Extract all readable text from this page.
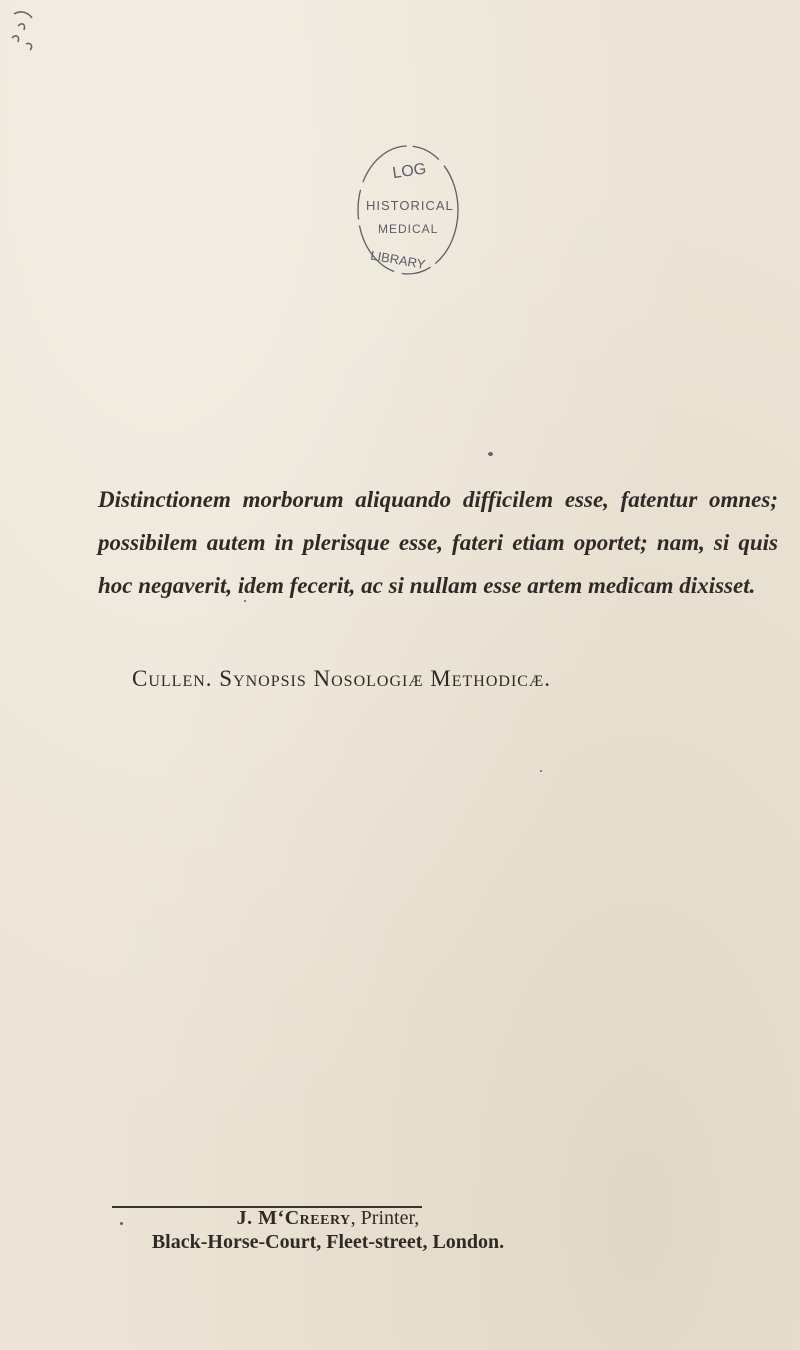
LOG
HISTORICAL
MEDICAL
LIBRARY
Distinctionem morborum aliquando difficilem esse, fatentur omnes; possibilem autem in plerisque esse, fateri etiam oportet; nam, si quis hoc negaverit, idem fecerit, ac si nullam esse artem medicam dixisset.
Cullen. Synopsis Nosologiæ Methodicæ.
J. M‘Creery, Printer,
Black-Horse-Court, Fleet-street, London.
